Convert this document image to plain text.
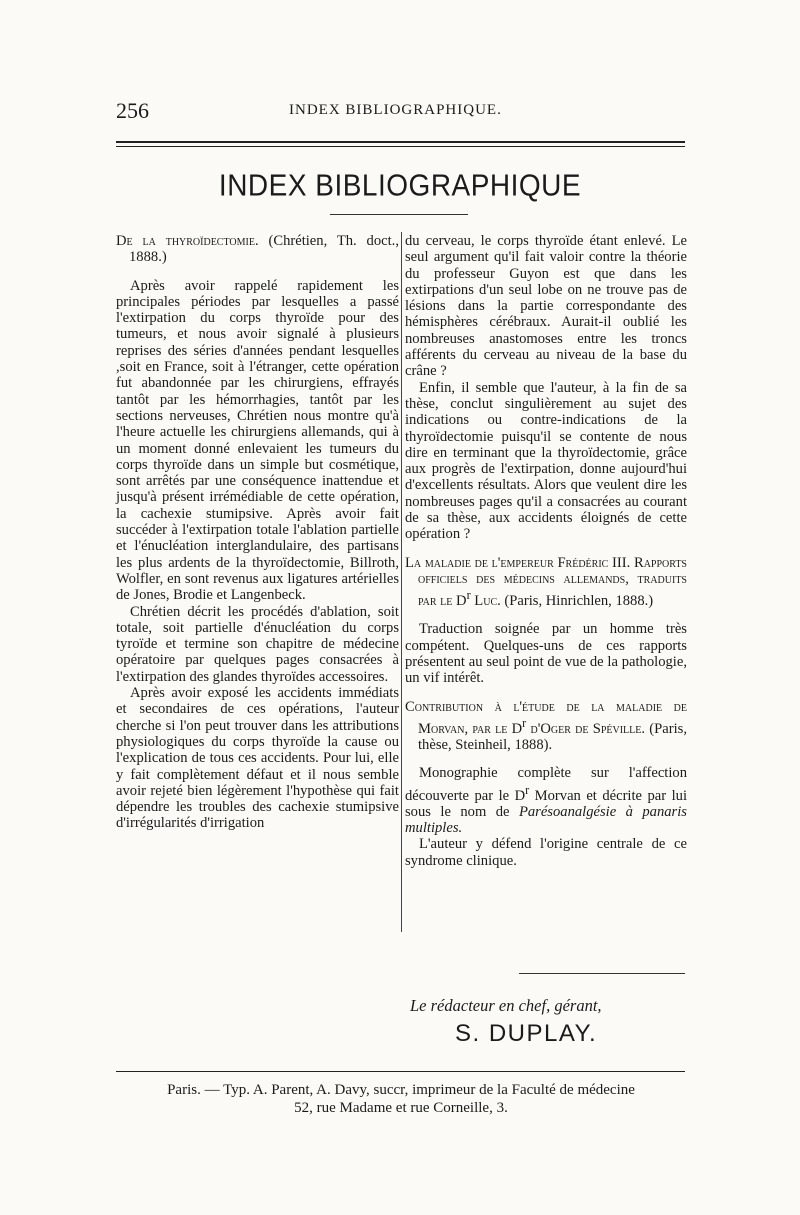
256	INDEX BIBLIOGRAPHIQUE.
INDEX BIBLIOGRAPHIQUE

De la thyroïdectomie. (Chrétien, Th. doct., 1888.)

Après avoir rappelé rapidement les principales périodes par lesquelles a passé l'extirpation du corps thyroïde pour des tumeurs, et nous avoir signalé à plusieurs reprises des séries d'années pendant lesquelles ,soit en France, soit à l'étranger, cette opération fut abandonnée par les chirurgiens, effrayés tantôt par les hémorrhagies, tantôt par les sections nerveuses, Chrétien nous montre qu'à l'heure actuelle les chirurgiens allemands, qui à un moment donné enlevaient les tumeurs du corps thyroïde dans un simple but cosmétique, sont arrêtés par une conséquence inattendue et jusqu'à présent irrémédiable de cette opération, la cachexie stumipsive. Après avoir fait succéder à l'extirpation totale l'ablation partielle et l'énucléation interglandulaire, des partisans les plus ardents de la thyroïdectomie, Billroth, Wolfler, en sont revenus aux ligatures artérielles de Jones, Brodie et Langenbeck.

Chrétien décrit les procédés d'ablation, soit totale, soit partielle d'énucléation du corps tyroïde et termine son chapitre de médecine opératoire par quelques pages consacrées à l'extirpation des glandes thyroïdes accessoires.

Après avoir exposé les accidents immédiats et secondaires de ces opérations, l'auteur cherche si l'on peut trouver dans les attributions physiologiques du corps thyroïde la cause ou l'explication de tous ces accidents. Pour lui, elle y fait complètement défaut et il nous semble avoir rejeté bien légèrement l'hypothèse qui fait dépendre les troubles des cachexie stumipsive d'irrégularités d'irrigation

du cerveau, le corps thyroïde étant enlevé. Le seul argument qu'il fait valoir contre la théorie du professeur Guyon est que dans les extirpations d'un seul lobe on ne trouve pas de lésions dans la partie correspondante des hémisphères cérébraux. Aurait-il oublié les nombreuses anastomoses entre les troncs afférents du cerveau au niveau de la base du crâne ?

Enfin, il semble que l'auteur, à la fin de sa thèse, conclut singulièrement au sujet des indications ou contre-indications de la thyroïdectomie puisqu'il se contente de nous dire en terminant que la thyroïdectomie, grâce aux progrès de l'extirpation, donne aujourd'hui d'excellents résultats. Alors que veulent dire les nombreuses pages qu'il a consacrées au courant de sa thèse, aux accidents éloignés de cette opération ?

La maladie de l'empereur Frédéric III. Rapports officiels des médecins allemands, traduits par le $D^r$ Luc. (Paris, Hinrichlen, 1888.)

Traduction soignée par un homme très compétent. Quelques-uns de ces rapports présentent au seul point de vue de la pathologie, un vif intérêt.

Contribution à l'étude de la maladie de Morvan, par le $D^r$ d'Oger de Spéville. (Paris, thèse, Steinheil, 1888).

Monographie complète sur l'affection découverte par le $D^r$ Morvan et décrite par lui sous le nom de Parésoanalgésie à panaris multiples.

L'auteur y défend l'origine centrale de ce syndrome clinique.

Le rédacteur en chef, gérant,
S. DUPLAY.
Paris. — Typ. A. Parent, A. Davy, succr, imprimeur de la Faculté de médecine
52, rue Madame et rue Corneille, 3.
